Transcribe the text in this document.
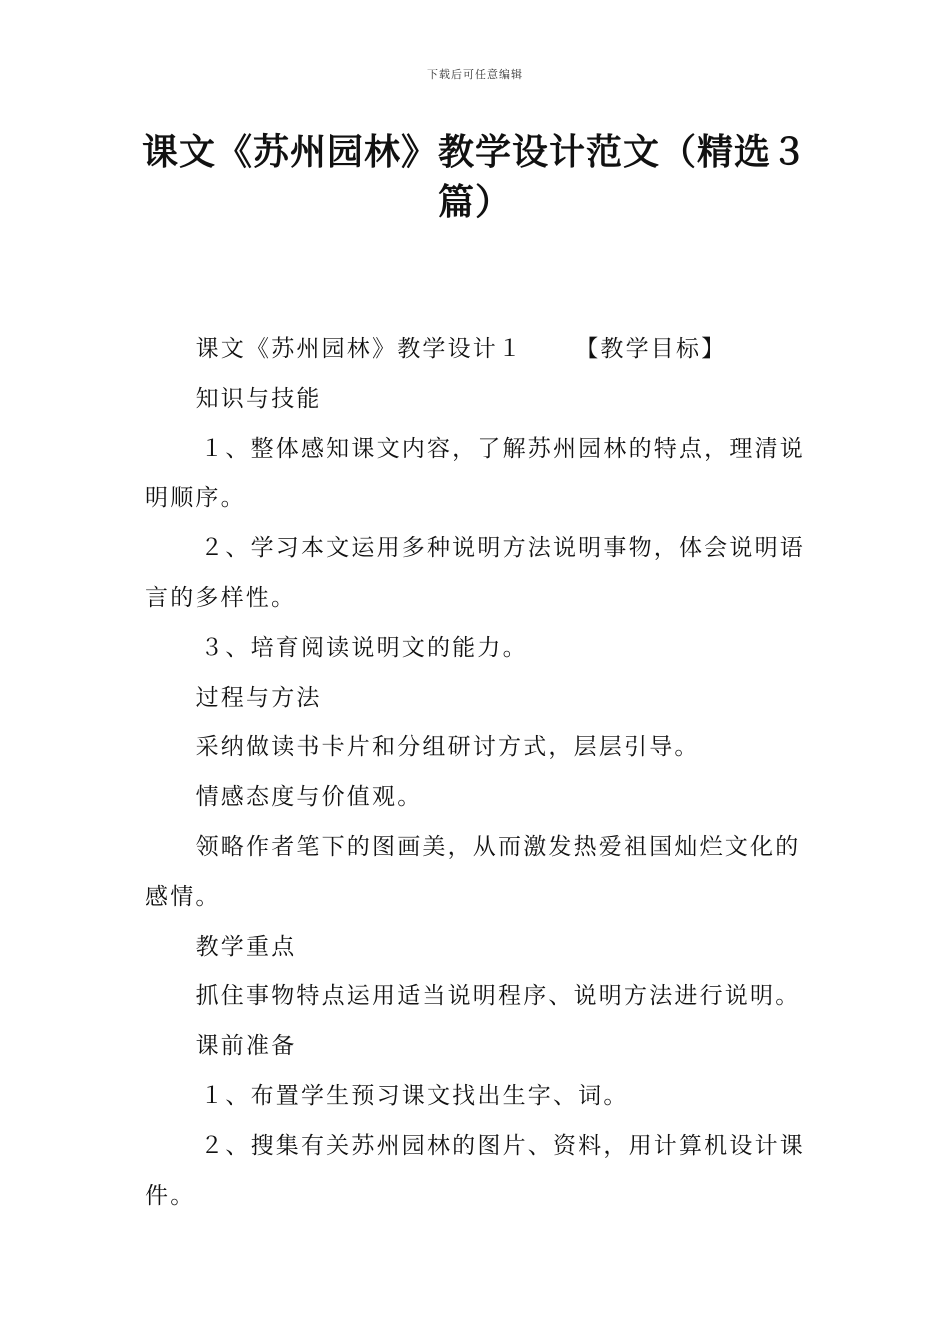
下载后可任意编辑
课文《苏州园林》教学设计范文（精选３篇）

课文《苏州园林》教学设计１ 【教学目标】

知识与技能

１、整体感知课文内容，了解苏州园林的特点，理清说明顺序。

２、学习本文运用多种说明方法说明事物，体会说明语言的多样性。

３、培育阅读说明文的能力。

过程与方法

采纳做读书卡片和分组研讨方式，层层引导。

情感态度与价值观。

领略作者笔下的图画美，从而激发热爱祖国灿烂文化的感情。

教学重点

抓住事物特点运用适当说明程序、说明方法进行说明。

课前准备

１、布置学生预习课文找出生字、词。

２、搜集有关苏州园林的图片、资料，用计算机设计课件。
